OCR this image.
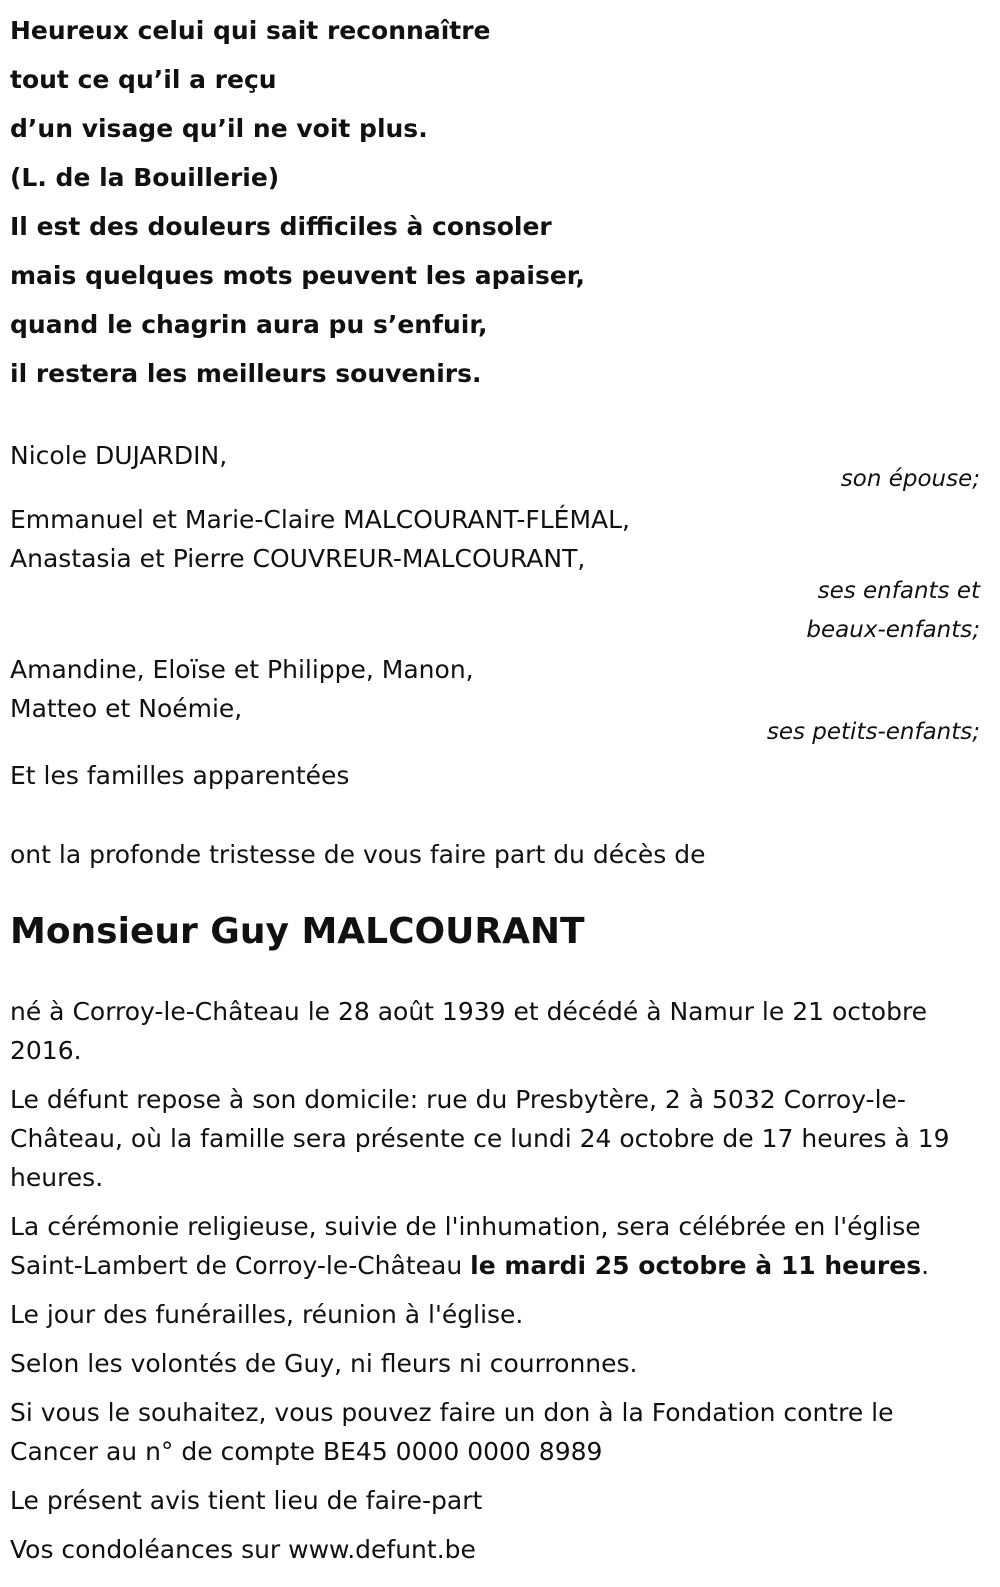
Heureux celui qui sait reconnaître
tout ce qu’il a reçu
d’un visage qu’il ne voit plus.
(L. de la Bouillerie)
Il est des douleurs difficiles à consoler
mais quelques mots peuvent les apaiser,
quand le chagrin aura pu s’enfuir,
il restera les meilleurs souvenirs.
Nicole DUJARDIN,
son épouse;
Emmanuel et Marie-Claire MALCOURANT-FLÉMAL,
Anastasia et Pierre COUVREUR-MALCOURANT,
ses enfants et
beaux-enfants;
Amandine, Eloïse et Philippe, Manon,
Matteo et Noémie,
ses petits-enfants;
Et les familles apparentées
ont la profonde tristesse de vous faire part du décès de
Monsieur Guy MALCOURANT

né à Corroy-le-Château le 28 août 1939 et décédé à Namur le 21 octobre 2016.

Le défunt repose à son domicile: rue du Presbytère, 2 à 5032 Corroy-le-Château, où la famille sera présente ce lundi 24 octobre de 17 heures à 19 heures.

La cérémonie religieuse, suivie de l'inhumation, sera célébrée en l'église Saint-Lambert de Corroy-le-Château le mardi 25 octobre à 11 heures.

Le jour des funérailles, réunion à l'église.

Selon les volontés de Guy, ni fleurs ni courronnes.

Si vous le souhaitez, vous pouvez faire un don à la Fondation contre le Cancer au n° de compte BE45 0000 0000 8989

Le présent avis tient lieu de faire-part

Vos condoléances sur www.defunt.be
